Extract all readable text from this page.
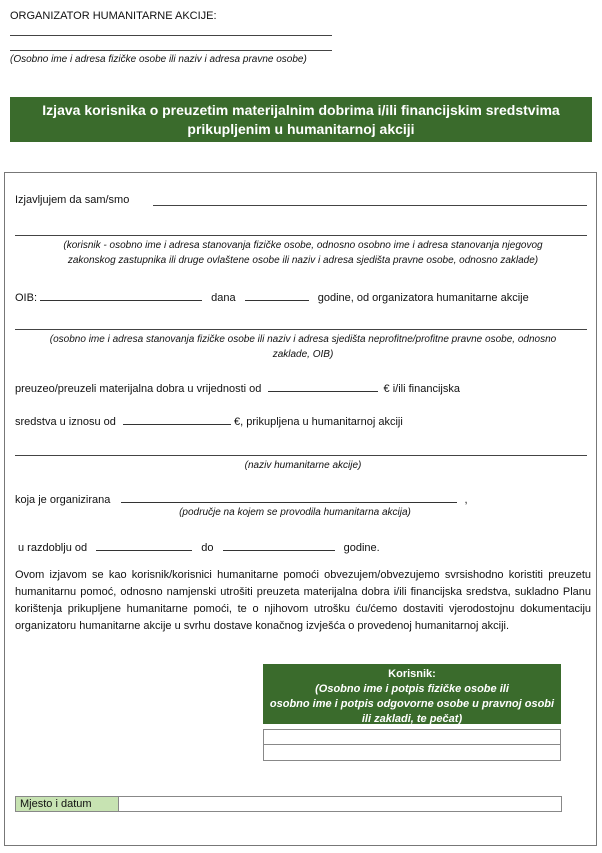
ORGANIZATOR HUMANITARNE AKCIJE:
(Osobno ime i adresa fizičke osobe ili naziv i adresa pravne osobe)
Izjava korisnika o preuzetim materijalnim dobrima i/ili financijskim sredstvima
prikupljenim u humanitarnoj akciji
Izjavljujem da sam/smo
(korisnik - osobno ime i adresa stanovanja fizičke osobe, odnosno osobno ime i adresa stanovanja njegovog
zakonskog zastupnika ili druge ovlaštene osobe ili naziv i adresa sjedišta pravne osobe, odnosno zaklade)
OIB:	dana	godine, od organizatora humanitarne akcije
(osobno ime i adresa stanovanja fizičke osobe ili naziv i adresa sjedišta neprofitne/profitne pravne osobe, odnosno
zaklade, OIB)
preuzeo/preuzeli materijalna dobra u vrijednosti od	€ i/ili financijska
sredstva u iznosu od	€, prikupljena u humanitarnoj akciji
(naziv humanitarne akcije)
koja je organizirana	,
(područje na kojem se provodila humanitarna akcija)
u razdoblju od	do	godine.
Ovom izjavom se kao korisnik/korisnici humanitarne pomoći obvezujem/obvezujemo svrsishodno koristiti preuzetu humanitarnu pomoć, odnosno namjenski utrošiti preuzeta materijalna dobra i/ili financijska sredstva, sukladno Planu korištenja prikupljene humanitarne pomoći, te o njihovom utrošku ću/ćemo dostaviti vjerodostojnu dokumentaciju organizatoru humanitarne akcije u svrhu dostave konačnog izvješća o provedenoj humanitarnoj akciji.
Korisnik:
(Osobno ime i potpis fizičke osobe ili
osobno ime i potpis odgovorne osobe u pravnoj osobi
ili zakladi, te pečat)
Mjesto i datum
